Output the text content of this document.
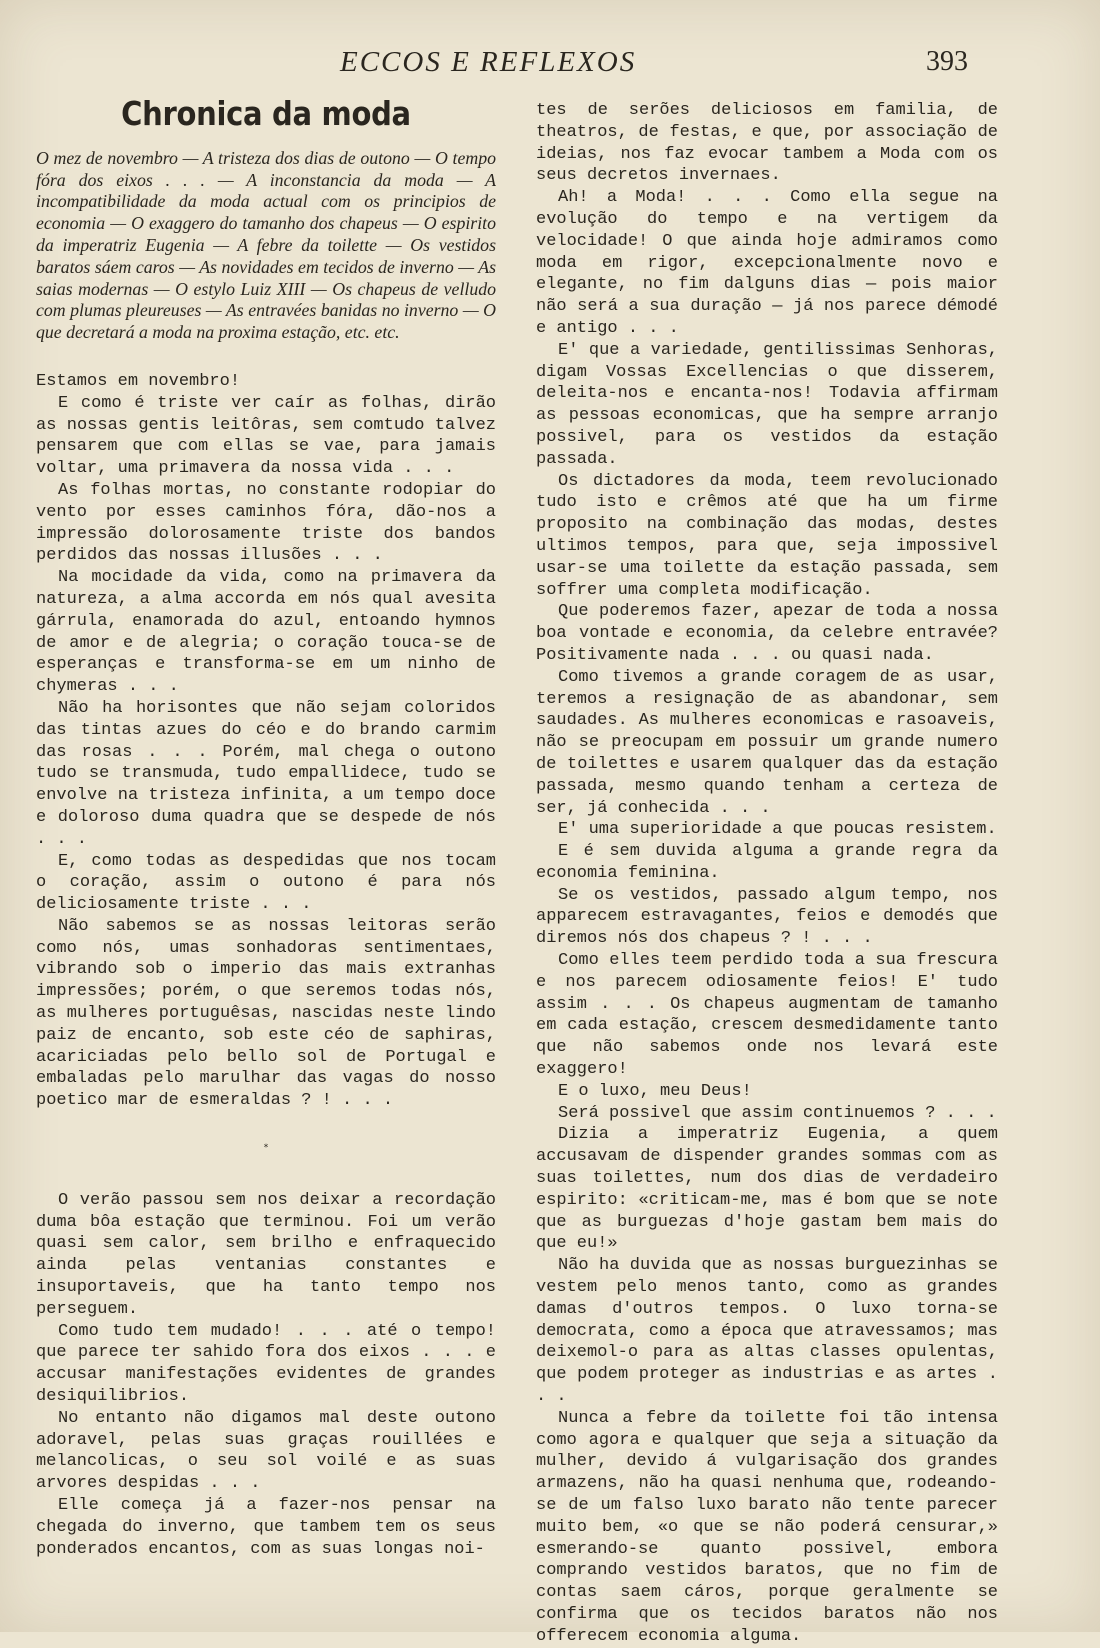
ECCOS E REFLEXOS	393
Chronica da moda
O mez de novembro — A tristeza dos dias de outono — O tempo fóra dos eixos . . . — A inconstancia da moda — A incompatibilidade da moda actual com os principios de economia — O exaggero do tamanho dos chapeus — O espirito da imperatriz Eugenia — A febre da toilette — Os vestidos baratos sáem caros — As novidades em tecidos de inverno — As saias modernas — O estylo Luiz XIII — Os chapeus de velludo com plumas pleureuses — As entravées banidas no inverno — O que decretará a moda na proxima estação, etc. etc.

Estamos em novembro!

E como é triste ver caír as folhas, dirão as nossas gentis leitôras, sem comtudo talvez pensarem que com ellas se vae, para jamais voltar, uma primavera da nossa vida . . .

As folhas mortas, no constante rodopiar do vento por esses caminhos fóra, dão-nos a impressão dolorosamente triste dos bandos perdidos das nossas illusões . . .

Na mocidade da vida, como na primavera da natureza, a alma accorda em nós qual avesita gárrula, enamorada do azul, entoando hymnos de amor e de alegria; o coração touca-se de esperanças e transforma-se em um ninho de chymeras . . .

Não ha horisontes que não sejam coloridos das tintas azues do céo e do brando carmim das rosas . . . Porém, mal chega o outono tudo se transmuda, tudo empallidece, tudo se envolve na tristeza infinita, a um tempo doce e doloroso duma quadra que se despede de nós . . .

E, como todas as despedidas que nos tocam o coração, assim o outono é para nós deliciosamente triste . . .

Não sabemos se as nossas leitoras serão como nós, umas sonhadoras sentimentaes, vibrando sob o imperio das mais extranhas impressões; porém, o que seremos todas nós, as mulheres portuguêsas, nascidas neste lindo paiz de encanto, sob este céo de saphiras, acariciadas pelo bello sol de Portugal e embaladas pelo marulhar das vagas do nosso poetico mar de esmeraldas ? ! . . .

*

O verão passou sem nos deixar a recordação duma bôa estação que terminou. Foi um verão quasi sem calor, sem brilho e enfraquecido ainda pelas ventanias constantes e insuportaveis, que ha tanto tempo nos perseguem.

Como tudo tem mudado! . . . até o tempo! que parece ter sahido fora dos eixos . . . e accusar manifestações evidentes de grandes desiquilibrios.

No entanto não digamos mal deste outono adoravel, pelas suas graças rouillées e melancolicas, o seu sol voilé e as suas arvores despidas . . .

Elle começa já a fazer-nos pensar na chegada do inverno, que tambem tem os seus ponderados encantos, com as suas longas noi-

tes de serões deliciosos em familia, de theatros, de festas, e que, por associação de ideias, nos faz evocar tambem a Moda com os seus decretos invernaes.

Ah! a Moda! . . . Como ella segue na evolução do tempo e na vertigem da velocidade! O que ainda hoje admiramos como moda em rigor, excepcionalmente novo e elegante, no fim dalguns dias — pois maior não será a sua duração — já nos parece démodé e antigo . . .

E' que a variedade, gentilissimas Senhoras, digam Vossas Excellencias o que disserem, deleita-nos e encanta-nos! Todavia affirmam as pessoas economicas, que ha sempre arranjo possivel, para os vestidos da estação passada.

Os dictadores da moda, teem revolucionado tudo isto e crêmos até que ha um firme proposito na combinação das modas, destes ultimos tempos, para que, seja impossivel usar-se uma toilette da estação passada, sem soffrer uma completa modificação.

Que poderemos fazer, apezar de toda a nossa boa vontade e economia, da celebre entravée? Positivamente nada . . . ou quasi nada.

Como tivemos a grande coragem de as usar, teremos a resignação de as abandonar, sem saudades. As mulheres economicas e rasoaveis, não se preocupam em possuir um grande numero de toilettes e usarem qualquer das da estação passada, mesmo quando tenham a certeza de ser, já conhecida . . .

E' uma superioridade a que poucas resistem.

E é sem duvida alguma a grande regra da economia feminina.

Se os vestidos, passado algum tempo, nos apparecem estravagantes, feios e demodés que diremos nós dos chapeus ? ! . . .

Como elles teem perdido toda a sua frescura e nos parecem odiosamente feios! E' tudo assim . . . Os chapeus augmentam de tamanho em cada estação, crescem desmedidamente tanto que não sabemos onde nos levará este exaggero!

E o luxo, meu Deus!

Será possivel que assim continuemos ? . . .

Dizia a imperatriz Eugenia, a quem accusavam de dispender grandes sommas com as suas toilettes, num dos dias de verdadeiro espirito: «criticam-me, mas é bom que se note que as burguezas d'hoje gastam bem mais do que eu!»

Não ha duvida que as nossas burguezinhas se vestem pelo menos tanto, como as grandes damas d'outros tempos. O luxo torna-se democrata, como a época que atravessamos; mas deixemol-o para as altas classes opulentas, que podem proteger as industrias e as artes . . .

Nunca a febre da toilette foi tão intensa como agora e qualquer que seja a situação da mulher, devido á vulgarisação dos grandes armazens, não ha quasi nenhuma que, rodeando-se de um falso luxo barato não tente parecer muito bem, «o que se não poderá censurar,» esmerando-se quanto possivel, embora comprando vestidos baratos, que no fim de contas saem cáros, porque geralmente se confirma que os tecidos baratos não nos offerecem economia alguma.
